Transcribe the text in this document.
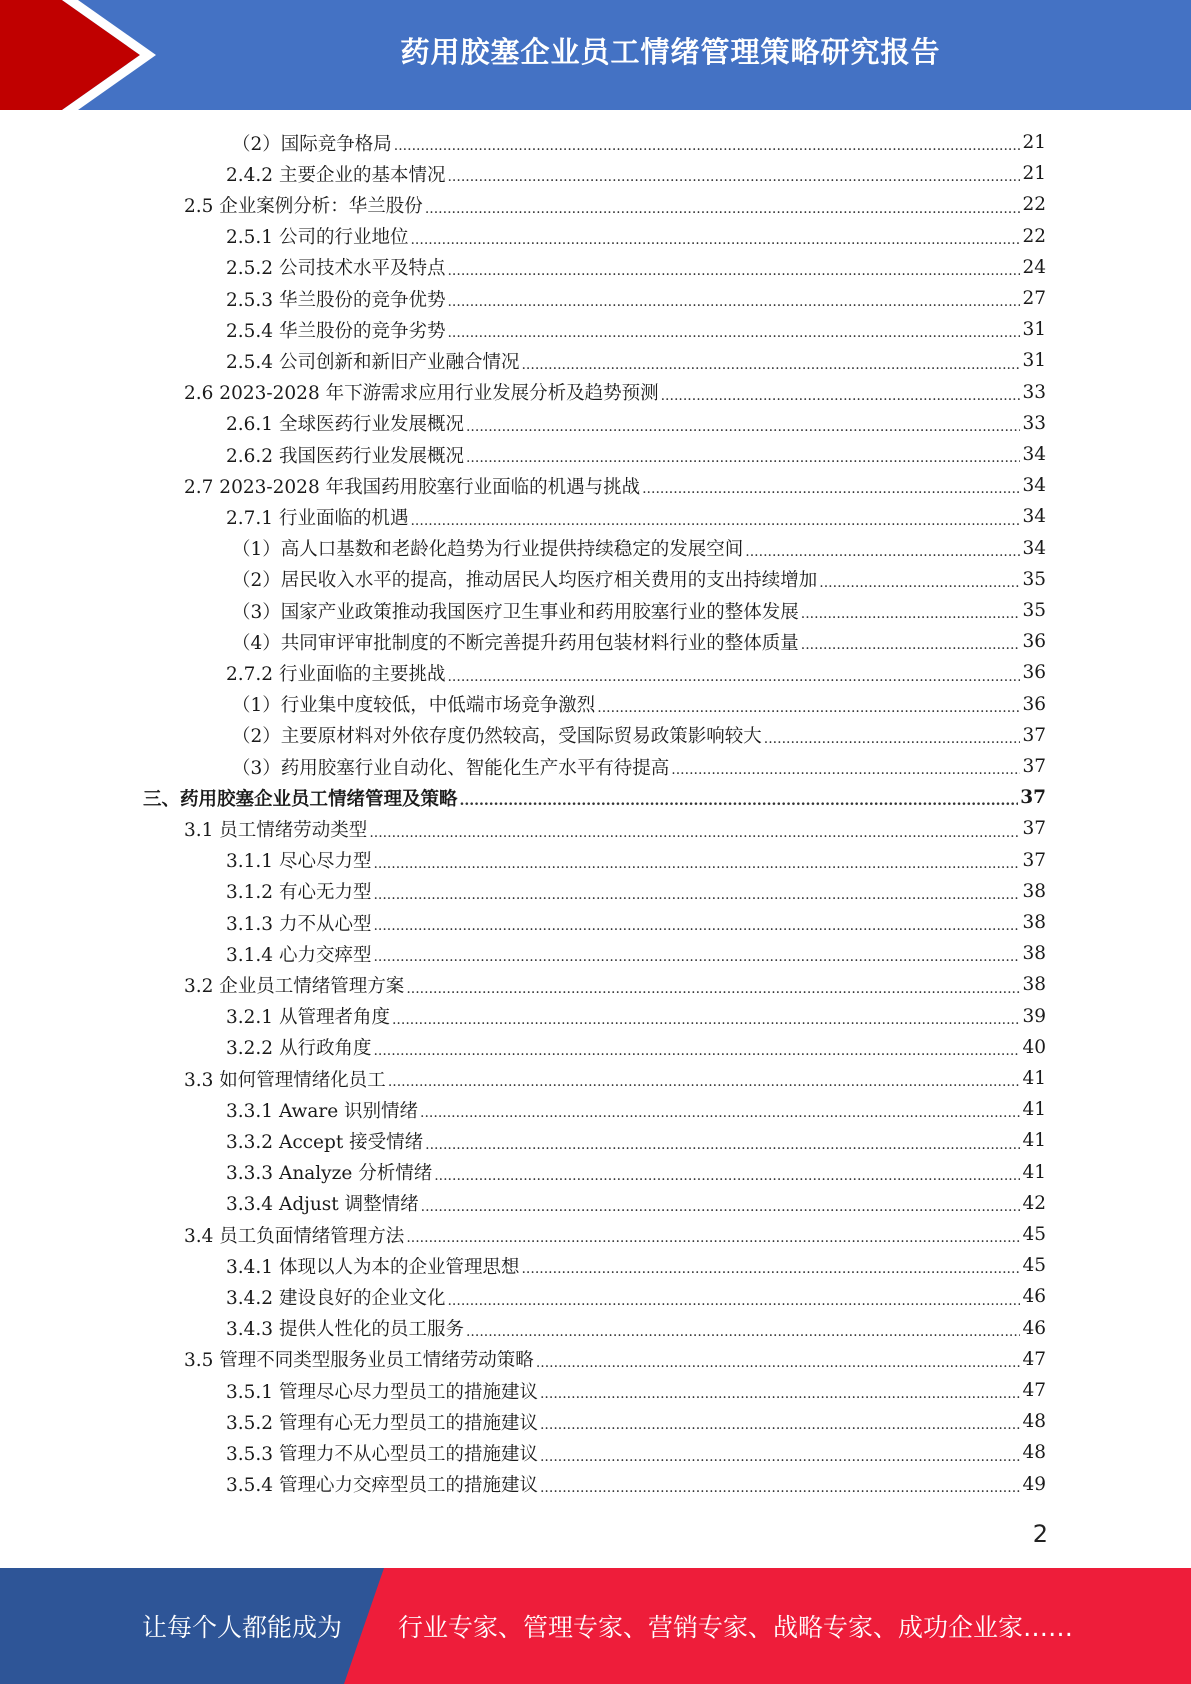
药用胶塞企业员工情绪管理策略研究报告
（2）国际竞争格局 .....	21
2.4.2 主要企业的基本情况 .....	21
2.5 企业案例分析：华兰股份 .....	22
2.5.1 公司的行业地位 .....	22
2.5.2 公司技术水平及特点 .....	24
2.5.3 华兰股份的竞争优势 .....	27
2.5.4 华兰股份的竞争劣势 .....	31
2.5.4 公司创新和新旧产业融合情况 .....	31
2.6 2023-2028 年下游需求应用行业发展分析及趋势预测 .....	33
2.6.1 全球医药行业发展概况 .....	33
2.6.2 我国医药行业发展概况 .....	34
2.7 2023-2028 年我国药用胶塞行业面临的机遇与挑战 .....	34
2.7.1 行业面临的机遇 .....	34
（1）高人口基数和老龄化趋势为行业提供持续稳定的发展空间 .....	34
（2）居民收入水平的提高，推动居民人均医疗相关费用的支出持续增加 .....	35
（3）国家产业政策推动我国医疗卫生事业和药用胶塞行业的整体发展 .....	35
（4）共同审评审批制度的不断完善提升药用包装材料行业的整体质量 .....	36
2.7.2 行业面临的主要挑战 .....	36
（1）行业集中度较低，中低端市场竞争激烈 .....	36
（2）主要原材料对外依存度仍然较高，受国际贸易政策影响较大 .....	37
（3）药用胶塞行业自动化、智能化生产水平有待提高 .....	37
三、药用胶塞企业员工情绪管理及策略 .....	37
3.1 员工情绪劳动类型 .....	37
3.1.1 尽心尽力型 .....	37
3.1.2 有心无力型 .....	38
3.1.3 力不从心型 .....	38
3.1.4 心力交瘁型 .....	38
3.2 企业员工情绪管理方案 .....	38
3.2.1 从管理者角度 .....	39
3.2.2 从行政角度 .....	40
3.3 如何管理情绪化员工 .....	41
3.3.1 Aware 识别情绪 .....	41
3.3.2 Accept 接受情绪 .....	41
3.3.3 Analyze 分析情绪 .....	41
3.3.4 Adjust 调整情绪 .....	42
3.4 员工负面情绪管理方法 .....	45
3.4.1 体现以人为本的企业管理思想 .....	45
3.4.2 建设良好的企业文化 .....	46
3.4.3 提供人性化的员工服务 .....	46
3.5 管理不同类型服务业员工情绪劳动策略 .....	47
3.5.1 管理尽心尽力型员工的措施建议 .....	47
3.5.2 管理有心无力型员工的措施建议 .....	48
3.5.3 管理力不从心型员工的措施建议 .....	48
3.5.4 管理心力交瘁型员工的措施建议 .....	49
2
让每个人都能成为 行业专家、管理专家、营销专家、战略专家、成功企业家……
